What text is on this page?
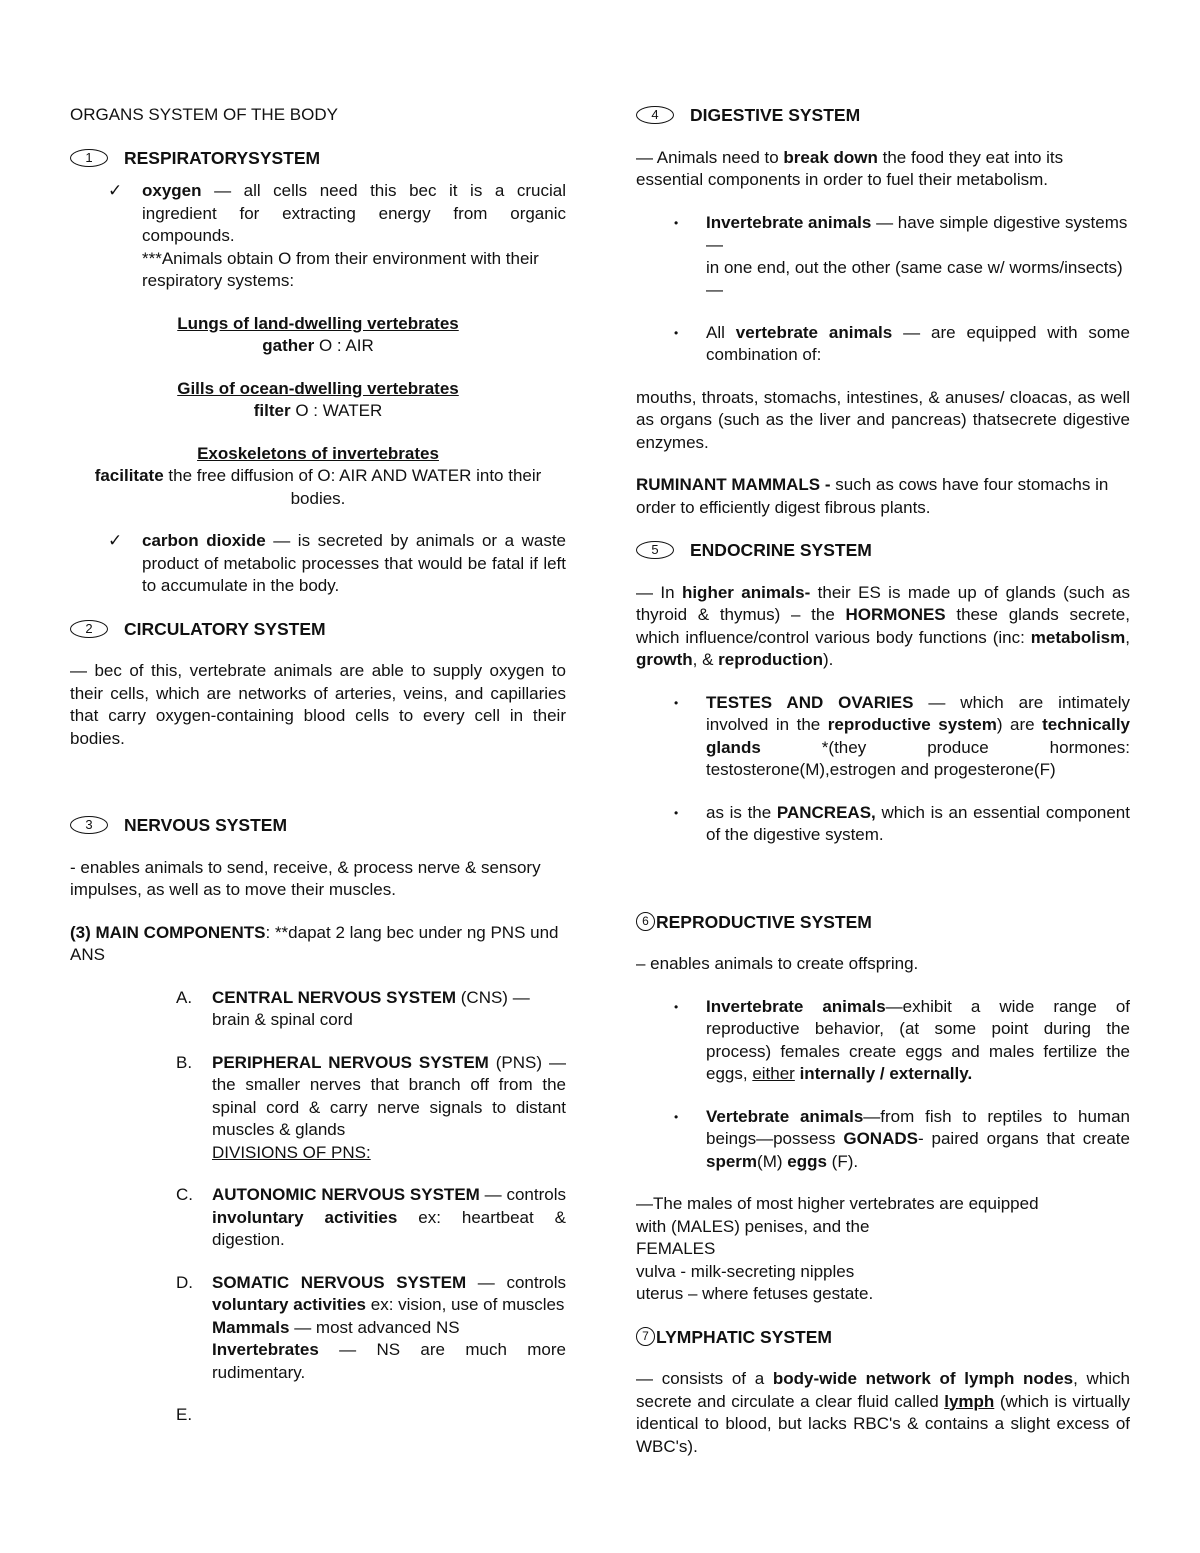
ORGANS SYSTEM OF THE BODY
1	RESPIRATORYSYSTEM
✓	oxygen — all cells need this bec it is a crucial ingredient for extracting energy from organic compounds.
***Animals obtain O from their environment with their respiratory systems:
Lungs of land-dwelling vertebrates
gather O : AIR
Gills of ocean-dwelling vertebrates
filter O : WATER
Exoskeletons of invertebrates
facilitate the free diffusion of O: AIR AND WATER into their bodies.
✓	carbon dioxide — is secreted by animals or a waste product of metabolic processes that would be fatal if left to accumulate in the body.
2	CIRCULATORY SYSTEM
— bec of this, vertebrate animals are able to supply oxygen to their cells, which are networks of arteries, veins, and capillaries that carry oxygen-containing blood cells to every cell in their bodies.
3	NERVOUS SYSTEM
- enables animals to send, receive, & process nerve & sensory impulses, as well as to move their muscles.
(3) MAIN COMPONENTS: **dapat 2 lang bec under ng PNS und ANS
A.	CENTRAL NERVOUS SYSTEM (CNS) — brain & spinal cord
B.	PERIPHERAL NERVOUS SYSTEM (PNS) — the smaller nerves that branch off from the spinal cord & carry nerve signals to distant muscles & glands
DIVISIONS OF PNS:
C.	AUTONOMIC NERVOUS SYSTEM — controls involuntary activities ex: heartbeat & digestion.
D.	SOMATIC NERVOUS SYSTEM — controls voluntary activities ex: vision, use of muscles
Mammals — most advanced NS
Invertebrates — NS are much more rudimentary.
E.
4	DIGESTIVE SYSTEM
— Animals need to break down the food they eat into its essential components in order to fuel their metabolism.
•	Invertebrate animals — have simple digestive systems—
in one end, out the other (same case w/ worms/insects)—
•	All vertebrate animals — are equipped with some combination of:
mouths, throats, stomachs, intestines, & anuses/ cloacas, as well as organs (such as the liver and pancreas) thatsecrete digestive enzymes.
RUMINANT MAMMALS - such as cows have four stomachs in order to efficiently digest fibrous plants.
5	ENDOCRINE SYSTEM
— In higher animals- their ES is made up of glands (such as thyroid & thymus) – the HORMONES these glands secrete, which influence/control various body functions (inc: metabolism, growth, & reproduction).
•	TESTES AND OVARIES — which are intimately involved in the reproductive system) are technically glands *(they produce hormones: testosterone(M),estrogen and progesterone(F)
•	as is the PANCREAS, which is an essential component of the digestive system.
6 REPRODUCTIVE SYSTEM
– enables animals to create offspring.
•	Invertebrate animals—exhibit a wide range of reproductive behavior, (at some point during the process) females create eggs and males fertilize the eggs, either internally / externally.
•	Vertebrate animals—from fish to reptiles to human beings—possess GONADS- paired organs that create sperm(M) eggs (F).
—The males of most higher vertebrates are equipped
with (MALES) penises, and the
FEMALES
vulva - milk-secreting nipples
uterus – where fetuses gestate.
7 LYMPHATIC SYSTEM
— consists of a body-wide network of lymph nodes, which secrete and circulate a clear fluid called lymph (which is virtually identical to blood, but lacks RBC's & contains a slight excess of WBC's).
